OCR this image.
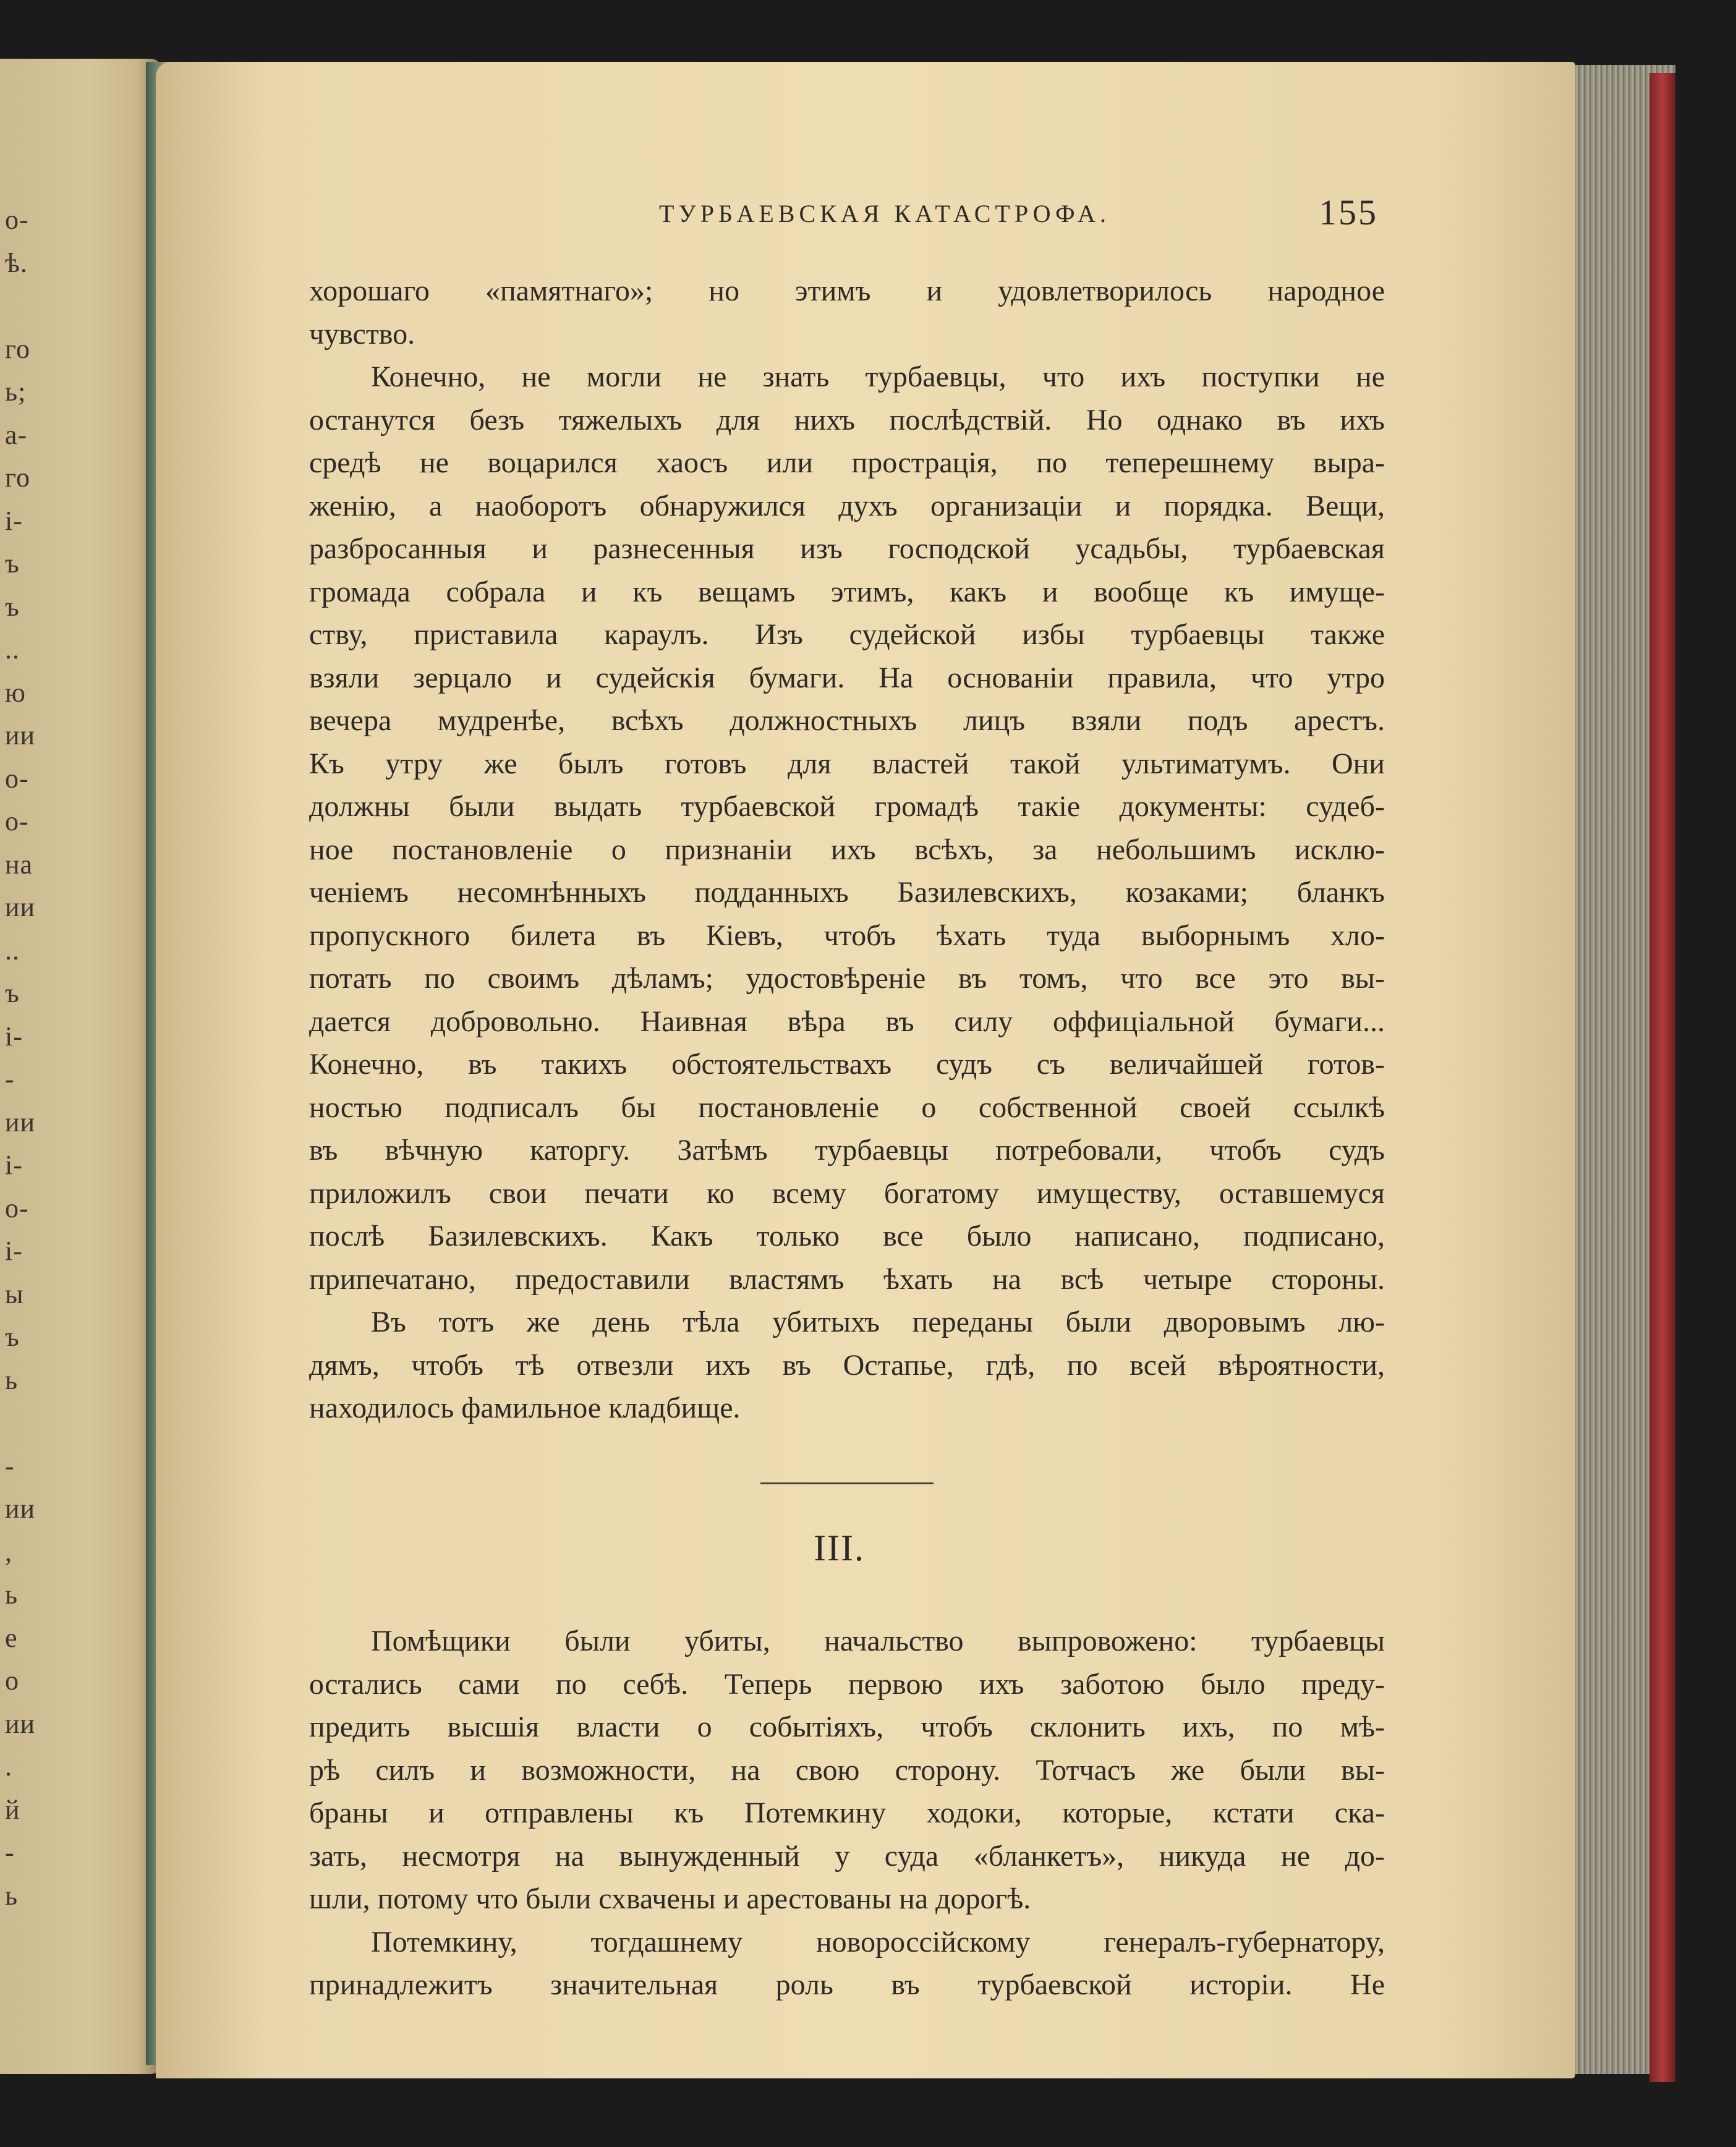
о-
ѣ.
го
ь;
а-
го
і-
ъ
ъ
..
ю
ии
о-
о-
на
ии
..
ъ
і-
-
ии
і-
о-
і-
ы
ъ
ь
-
ии
,
ь
е
о
ии
.
й
-
ь
ТУРБАЕВСКАЯ КАТАСТРОФА.	155
хорошаго «памятнаго»; но этимъ и удовлетворилось народное
чувство.
Конечно, не могли не знать турбаевцы, что ихъ поступки не
останутся безъ тяжелыхъ для нихъ послѣдствій. Но однако въ ихъ
средѣ не воцарился хаосъ или прострація, по теперешнему выра-
женію, а наоборотъ обнаружился духъ организаціи и порядка. Вещи,
разбросанныя и разнесенныя изъ господской усадьбы, турбаевская
громада собрала и къ вещамъ этимъ, какъ и вообще къ имуще-
ству, приставила караулъ. Изъ судейской избы турбаевцы также
взяли зерцало и судейскія бумаги. На основаніи правила, что утро
вечера мудренѣе, всѣхъ должностныхъ лицъ взяли подъ арестъ.
Къ утру же былъ готовъ для властей такой ультиматумъ. Они
должны были выдать турбаевской громадѣ такіе документы: судеб-
ное постановленіе о признаніи ихъ всѣхъ, за небольшимъ исклю-
ченіемъ несомнѣнныхъ подданныхъ Базилевскихъ, козаками; бланкъ
пропускного билета въ Кіевъ, чтобъ ѣхать туда выборнымъ хло-
потать по своимъ дѣламъ; удостовѣреніе въ томъ, что все это вы-
дается добровольно. Наивная вѣра въ силу оффиціальной бумаги...
Конечно, въ такихъ обстоятельствахъ судъ съ величайшей готов-
ностью подписалъ бы постановленіе о собственной своей ссылкѣ
въ вѣчную каторгу. Затѣмъ турбаевцы потребовали, чтобъ судъ
приложилъ свои печати ко всему богатому имуществу, оставшемуся
послѣ Базилевскихъ. Какъ только все было написано, подписано,
припечатано, предоставили властямъ ѣхать на всѣ четыре стороны.
Въ тотъ же день тѣла убитыхъ переданы были дворовымъ лю-
дямъ, чтобъ тѣ отвезли ихъ въ Остапье, гдѣ, по всей вѣроятности,
находилось фамильное кладбище.
III.
Помѣщики были убиты, начальство выпровожено: турбаевцы
остались сами по себѣ. Теперь первою ихъ заботою было преду-
предить высшія власти о событіяхъ, чтобъ склонить ихъ, по мѣ-
рѣ силъ и возможности, на свою сторону. Тотчасъ же были вы-
браны и отправлены къ Потемкину ходоки, которые, кстати ска-
зать, несмотря на вынужденный у суда «бланкетъ», никуда не до-
шли, потому что были схвачены и арестованы на дорогѣ.
Потемкину, тогдашнему новороссійскому генералъ-губернатору,
принадлежитъ значительная роль въ турбаевской исторіи. Не
